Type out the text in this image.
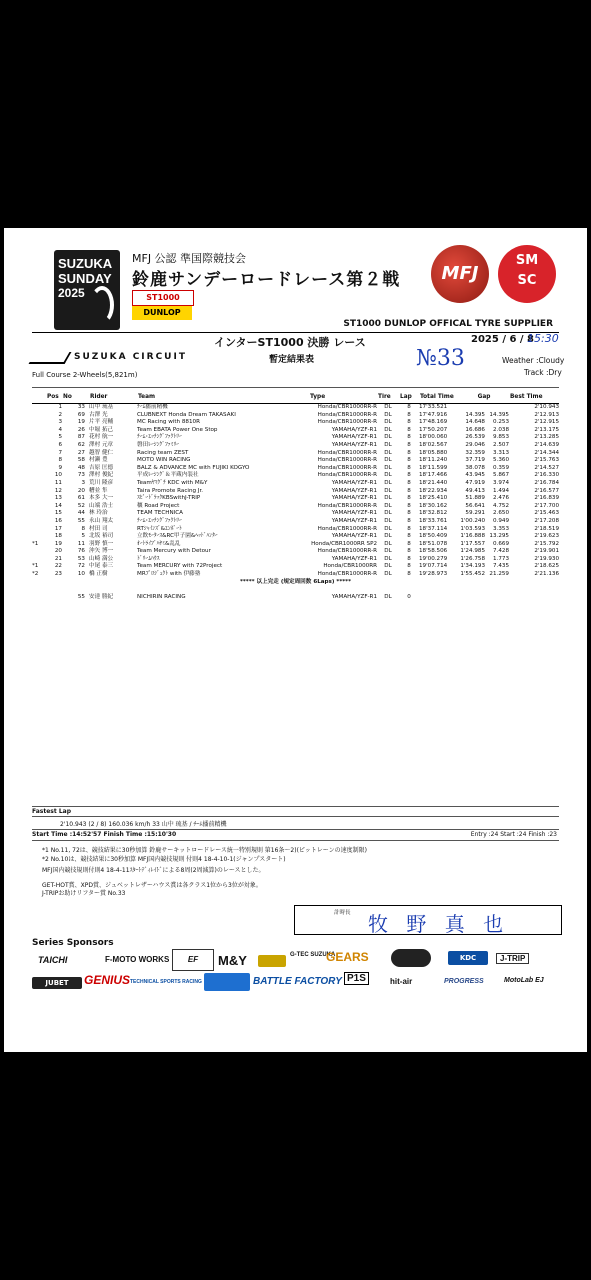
SUZUKA
SUNDAY
2025
MFJ 公認 準国際競技会
鈴鹿サンデーロードレース第２戦
ST1000
DUNLOP
MFJ
SM
SC
ST1000 DUNLOP OFFICAL TYRE SUPPLIER
インターST1000 決勝 レース	2025 / 6 / 8
15:30
SUZUKA CIRCUIT
Full Course 2-Wheels(5,821m)
暫定結果表	№33	Weather :Cloudy
Track :Dry
	Pos	No	Rider	Team	Type	Tire	Lap	Total Time	Gap		Best Time
	1	33	山中 琉基	ﾁｰﾑ播前精機	Honda/CBR1000RR-R	DL	8	17'33.521			2'10.943
	2	69	古澤 光	CLUBNEXT Honda Dream TAKASAKI	Honda/CBR1000RR-R	DL	8	17'47.916	14.395	14.395	2'12.913
	3	19	片平 亮輔	MC Racing with 8810R	Honda/CBR1000RR-R	DL	8	17'48.169	14.648	0.253	2'12.915
	4	26	中堀 拓己	Team EBATA Power One Stop	YAMAHA/YZF-R1	DL	8	17'50.207	16.686	2.038	2'13.175
	5	87	花村 航一	ﾁｰﾑ･ｴｯﾁﾝｸﾞﾌｧｸﾄﾘｰ	YAMAHA/YZF-R1	DL	8	18'00.060	26.539	9.853	2'13.285
	6	62	澤村 元章	磐田ﾚｰｼﾝｸﾞﾌｧﾐﾘｰ	YAMAHA/YZF-R1	DL	8	18'02.567	29.046	2.507	2'14.639
	7	27	越智 健仁	Racing team ZEST	Honda/CBR1000RR-R	DL	8	18'05.880	32.359	3.313	2'14.344
	8	58	村瀬 豊	MOTO WIN RACING	Honda/CBR1000RR-R	DL	8	18'11.240	37.719	5.360	2'15.763
	9	48	吉原 匡德	BALZ & ADVANCE MC with FUJIKI KOGYO	Honda/CBR1000RR-R	DL	8	18'11.599	38.078	0.359	2'14.527
	10	73	澤村 俊紀	平成ﾚｰｼﾝｸﾞ＆平蔵内装社	Honda/CBR1000RR-R	DL	8	18'17.466	43.945	5.867	2'16.330
	11	3	荒川 隆彦	Teamﾔﾏｸﾞﾁ KDC with M&Y	YAMAHA/YZF-R1	DL	8	18'21.440	47.919	3.974	2'16.784
	12	20	糟並 隼	Taira Promote Racing Jr.	YAMAHA/YZF-R1	DL	8	18'22.934	49.413	1.494	2'16.577
	13	61	本多 大一	ｽﾋﾟｰﾄﾞﾗｯｸKBSwithJ-TRIP	YAMAHA/YZF-R1	DL	8	18'25.410	51.889	2.476	2'16.839
	14	52	山端 浩士	穰 Road Project	Honda/CBR1000RR-R	DL	8	18'30.162	56.641	4.752	2'17.700
	15	44	林 玲治	TEAM TECHNICA	YAMAHA/YZF-R1	DL	8	18'32.812	59.291	2.650	2'15.463
	16	55	永山 翔太	ﾁｰﾑ･ｴｯﾁﾝｸﾞﾌｧｸﾄﾘｰ	YAMAHA/YZF-R1	DL	8	18'33.761	1'00.240	0.949	2'17.208
	17	8	村田 司	RTｼｬｲﾝｽﾞ&ｴﾝﾎﾞｰﾄ	Honda/CBR1000RR-R	DL	8	18'37.114	1'03.593	3.353	2'18.519
	18	5	北坂 裕司	立飲ﾓｰﾀｰｽ&RC甲子園&ﾍｯﾄﾞﾊﾝﾀｰ	YAMAHA/YZF-R1	DL	8	18'50.409	1'16.888	13.295	2'19.623
*1	19	11	羽野 慎一	ｵｰﾄﾗｲﾌﾞﾊﾔﾐ&乱乱	Honda/CBR1000RR SP2	DL	8	18'51.078	1'17.557	0.669	2'15.792
	20	76	沖矢 博一	Team Mercury with Detour	Honda/CBR1000RR-R	DL	8	18'58.506	1'24.985	7.428	2'19.901
	21	53	山崎 満公	ﾄﾞﾘｰﾑﾊｳｽ	YAMAHA/YZF-R1	DL	8	19'00.279	1'26.758	1.773	2'19.930
*1	22	72	中尾 泰三	Team MERCURY with 72Project	Honda/CBR1000RR	DL	8	19'07.714	1'34.193	7.435	2'18.625
*2	23	10	橋 正樹	MRﾌﾟﾛｼﾞｪｸﾄ with 伊藤塾	Honda/CBR1000RR-R	DL	8	19'28.973	1'55.452	21.259	2'21.136
***** 以上完走 (規定周回数 6Laps) *****											

		55	安達 勝紀	NICHIRIN RACING	YAMAHA/YZF-R1	DL	0				
Fastest Lap
2'10.943 (2 / 8) 160.036 km/h 33 山中 琉基 / ﾁｰﾑ播前精機
Start Time :14:52'57 Finish Time :15:10'30	Entry :24 Start :24 Finish :23
*1 No.11, 72は、競技結果に30秒加算 鈴鹿サーキットロードレース統一特別規則 第16条〜2)(ピットレーンの速度制限)
*2 No.10は、競技結果に30秒加算 MFJ国内競技規則 付則4 18-4-10-1(ジャンプスタート)
MFJ国内競技規則付則4 18-4-11ｽﾀｰﾄﾃﾞｨﾚｲﾄﾞによる8周(2周減算)のレースとした。
GET-HOT賞、XPD賞、ジュベットレザーハウス賞は各クラス1位から3位が対象。
J-TRIPお助けリフター賞 No.33
計時長 牧 野 真 也
Series Sponsors
TAICHI	F-MOTO WORKS	EF	M&Y	G-TEC SUZUKA
GEARS	KDC	J-TRIP
JUBET	GENIUS TECHNICAL SPORTS RACING	BATTLE FACTORY P1S	hit-air	PROGRESS	MotoLab EJ
